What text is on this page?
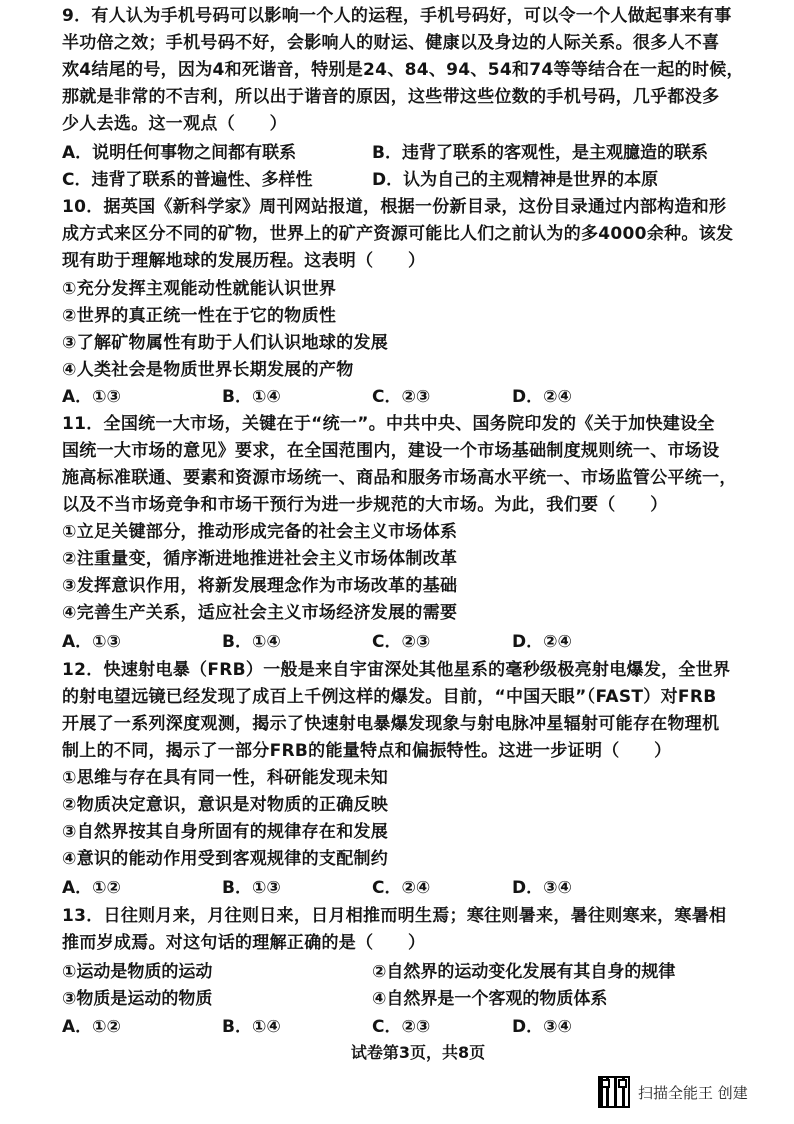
9．有人认为手机号码可以影响一个人的运程，手机号码好，可以令一个人做起事来有事
半功倍之效；手机号码不好，会影响人的财运、健康以及身边的人际关系。很多人不喜
欢4结尾的号，因为4和死谐音，特别是24、84、94、54和74等等结合在一起的时候，
那就是非常的不吉利，所以出于谐音的原因，这些带这些位数的手机号码，几乎都没多
少人去选。这一观点（　　）
A．说明任何事物之间都有联系	B．违背了联系的客观性，是主观臆造的联系
C．违背了联系的普遍性、多样性	D．认为自己的主观精神是世界的本原
10．据英国《新科学家》周刊网站报道，根据一份新目录，这份目录通过内部构造和形
成方式来区分不同的矿物，世界上的矿产资源可能比人们之前认为的多4000余种。该发
现有助于理解地球的发展历程。这表明（　　）
①充分发挥主观能动性就能认识世界
②世界的真正统一性在于它的物质性
③了解矿物属性有助于人们认识地球的发展
④人类社会是物质世界长期发展的产物
A．①③	B．①④	C．②③	D．②④
11．全国统一大市场，关键在于“统一”。中共中央、国务院印发的《关于加快建设全
国统一大市场的意见》要求，在全国范围内，建设一个市场基础制度规则统一、市场设
施高标准联通、要素和资源市场统一、商品和服务市场高水平统一、市场监管公平统一，
以及不当市场竞争和市场干预行为进一步规范的大市场。为此，我们要（　　）
①立足关键部分，推动形成完备的社会主义市场体系
②注重量变，循序渐进地推进社会主义市场体制改革
③发挥意识作用，将新发展理念作为市场改革的基础
④完善生产关系，适应社会主义市场经济发展的需要
A．①③	B．①④	C．②③	D．②④
12．快速射电暴（FRB）一般是来自宇宙深处其他星系的毫秒级极亮射电爆发，全世界
的射电望远镜已经发现了成百上千例这样的爆发。目前，“中国天眼”（FAST）对FRB
开展了一系列深度观测，揭示了快速射电暴爆发现象与射电脉冲星辐射可能存在物理机
制上的不同，揭示了一部分FRB的能量特点和偏振特性。这进一步证明（　　）
①思维与存在具有同一性，科研能发现未知
②物质决定意识，意识是对物质的正确反映
③自然界按其自身所固有的规律存在和发展
④意识的能动作用受到客观规律的支配制约
A．①②	B．①③	C．②④	D．③④
13．日往则月来，月往则日来，日月相推而明生焉；寒往则暑来，暑往则寒来，寒暑相
推而岁成焉。对这句话的理解正确的是（　　）
①运动是物质的运动	②自然界的运动变化发展有其自身的规律
③物质是运动的物质	④自然界是一个客观的物质体系
A．①②	B．①④	C．②③	D．③④
试卷第3页，共8页
扫描全能王 创建
